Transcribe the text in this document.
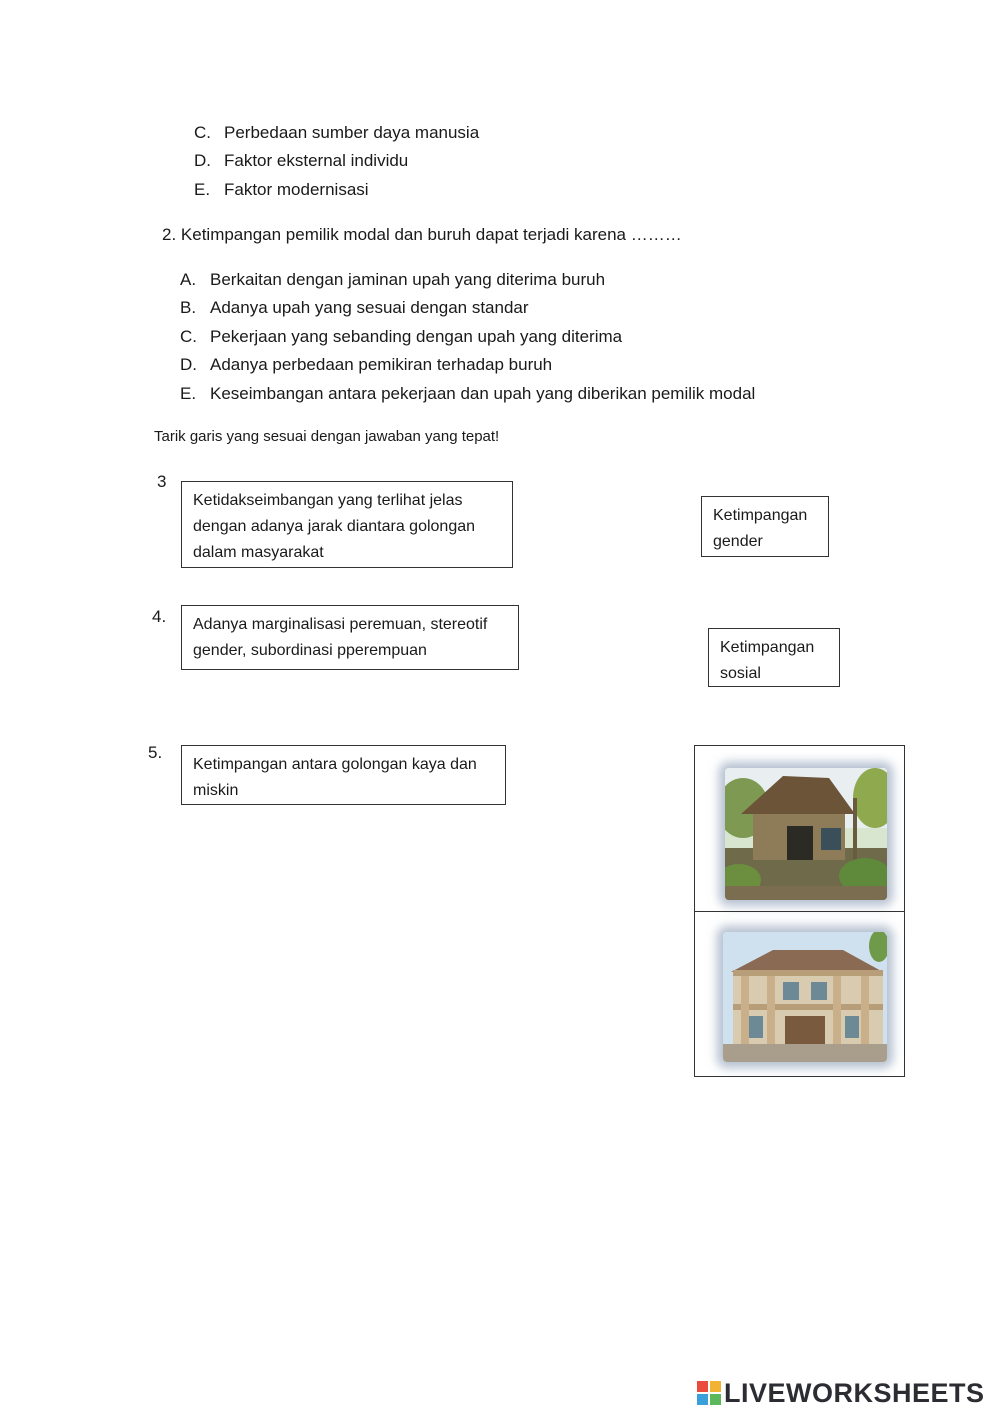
C. Perbedaan sumber daya manusia
D. Faktor eksternal individu
E. Faktor modernisasi
2. Ketimpangan pemilik modal dan buruh dapat terjadi karena ………
A. Berkaitan dengan jaminan upah yang diterima buruh
B. Adanya upah yang sesuai dengan standar
C. Pekerjaan yang sebanding dengan upah yang diterima
D. Adanya perbedaan pemikiran terhadap buruh
E. Keseimbangan antara pekerjaan dan upah yang diberikan pemilik modal
Tarik garis yang sesuai dengan jawaban yang tepat!
3
Ketidakseimbangan yang terlihat jelas dengan adanya jarak diantara golongan dalam masyarakat
4.	Adanya marginalisasi peremuan, stereotif gender, subordinasi pperempuan
5.
Ketimpangan antara golongan kaya dan miskin
Ketimpangan gender
Ketimpangan sosial
LIVEWORKSHEETS
